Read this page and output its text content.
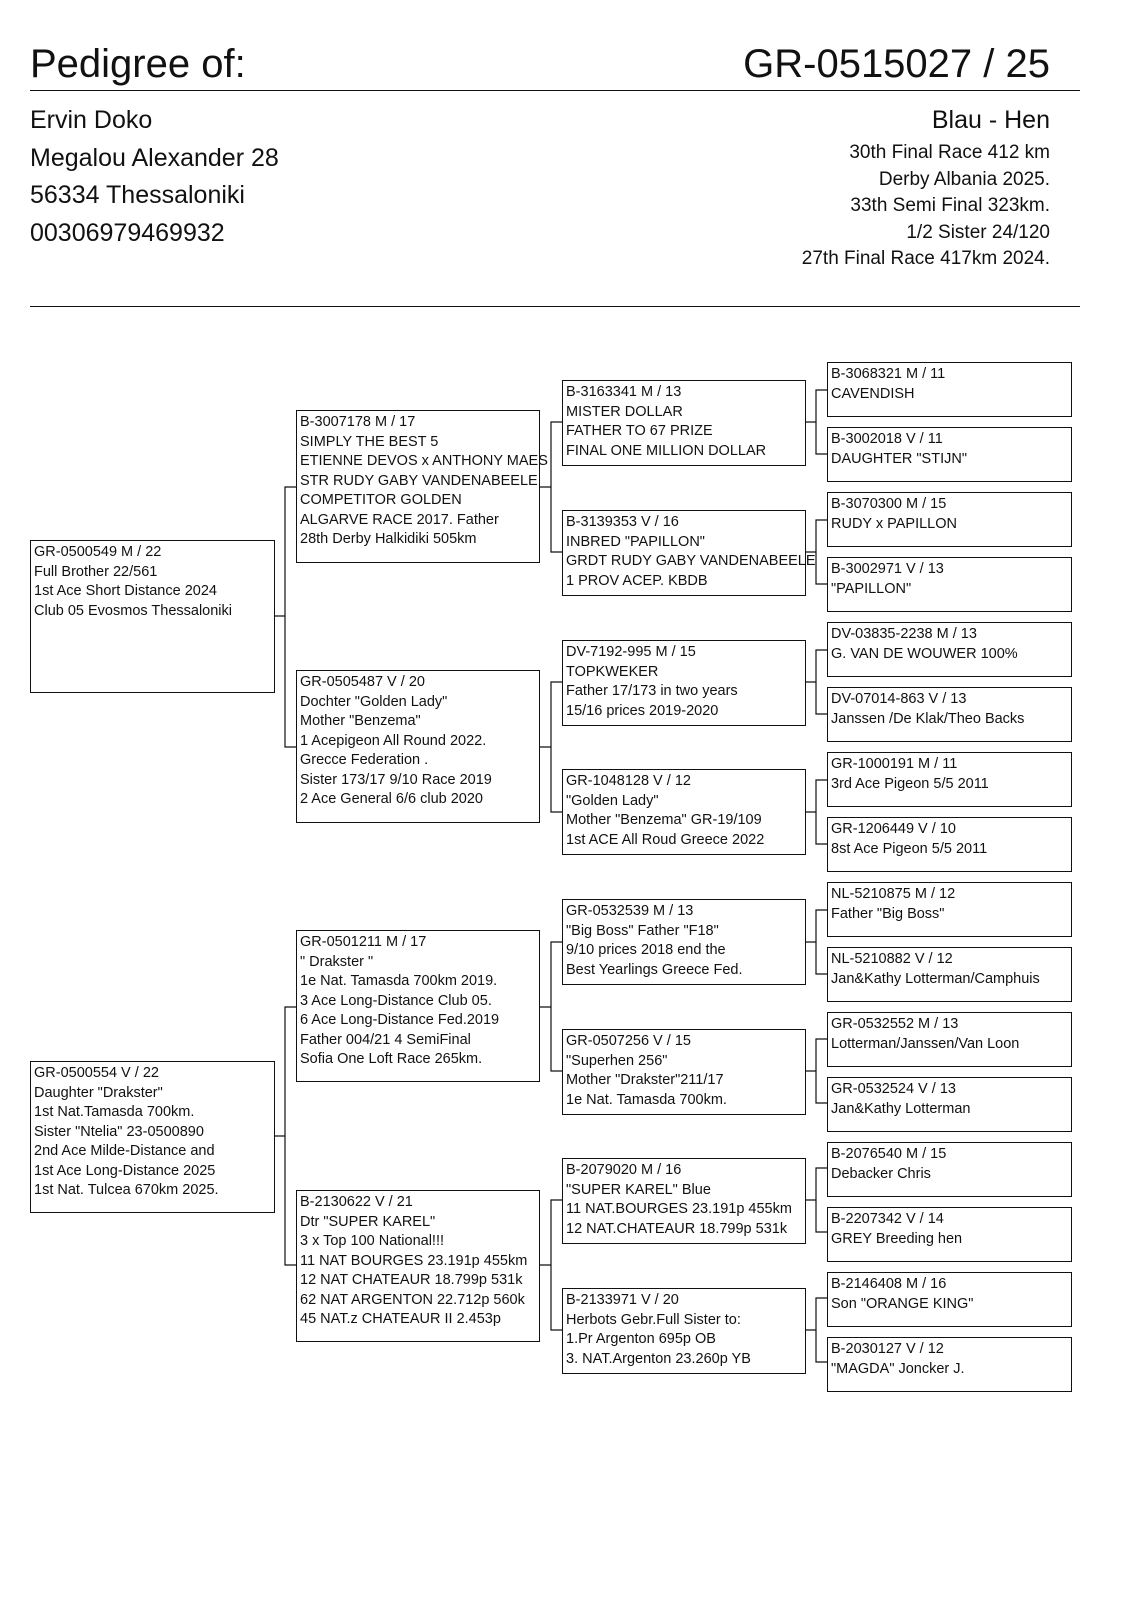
Pedigree of:	GR-0515027 / 25
Ervin Doko
Megalou Alexander 28
56334 Thessaloniki
00306979469932
Blau - Hen
30th Final Race 412 km
Derby Albania 2025.
33th Semi Final 323km.
1/2 Sister 24/120
27th Final Race 417km 2024.
GR-0500549 M / 22
Full Brother 22/561
1st Ace Short Distance 2024
Club 05 Evosmos Thessaloniki
GR-0500554 V / 22
Daughter "Drakster"
1st Nat.Tamasda 700km.
Sister "Ntelia" 23-0500890
2nd Ace Milde-Distance and
1st Ace Long-Distance 2025
1st Nat. Tulcea 670km 2025.
B-3007178 M / 17
SIMPLY THE BEST 5
ETIENNE DEVOS x ANTHONY MAES
STR RUDY GABY VANDENABEELE
COMPETITOR GOLDEN
ALGARVE RACE 2017. Father
28th Derby Halkidiki 505km
GR-0505487 V / 20
Dochter "Golden Lady"
Mother "Benzema"
1 Acepigeon All Round 2022.
Grecce Federation .
Sister 173/17 9/10 Race 2019
2 Ace General 6/6 club 2020
GR-0501211 M / 17
" Drakster "
1e Nat. Tamasda 700km 2019.
3 Ace Long-Distance Club 05.
6 Ace Long-Distance Fed.2019
Father 004/21 4 SemiFinal
Sofia One Loft Race 265km.
B-2130622 V / 21
Dtr "SUPER KAREL"
3 x Top 100 National!!!
11 NAT BOURGES 23.191p 455km
12 NAT CHATEAUR 18.799p 531k
62 NAT ARGENTON 22.712p 560k
45 NAT.z CHATEAUR II 2.453p
B-3163341 M / 13
MISTER DOLLAR
FATHER TO 67 PRIZE
FINAL ONE MILLION DOLLAR
B-3139353 V / 16
INBRED "PAPILLON"
GRDT RUDY GABY VANDENABEELE
1 PROV ACEP. KBDB
DV-7192-995 M / 15
TOPKWEKER
Father 17/173 in two years
15/16 prices 2019-2020
GR-1048128 V / 12
"Golden Lady"
Mother "Benzema" GR-19/109
1st ACE All Roud Greece 2022
GR-0532539 M / 13
"Big Boss" Father "F18"
9/10 prices 2018 end the
Best Yearlings Greece Fed.
GR-0507256 V / 15
"Superhen 256"
Mother "Drakster"211/17
1e Nat. Tamasda 700km.
B-2079020 M / 16
"SUPER KAREL" Blue
11 NAT.BOURGES 23.191p 455km
12 NAT.CHATEAUR 18.799p 531k
B-2133971 V / 20
Herbots Gebr.Full Sister to:
1.Pr Argenton 695p OB
3. NAT.Argenton 23.260p YB
B-3068321 M / 11
CAVENDISH
B-3002018 V / 11
DAUGHTER "STIJN"
B-3070300 M / 15
RUDY x PAPILLON
B-3002971 V / 13
"PAPILLON"
DV-03835-2238 M / 13
G. VAN DE WOUWER 100%
DV-07014-863 V / 13
Janssen /De Klak/Theo Backs
GR-1000191 M / 11
3rd Ace Pigeon 5/5 2011
GR-1206449 V / 10
8st Ace Pigeon 5/5 2011
NL-5210875 M / 12
Father "Big Boss"
NL-5210882 V / 12
Jan&Kathy Lotterman/Camphuis
GR-0532552 M / 13
Lotterman/Janssen/Van Loon
GR-0532524 V / 13
Jan&Kathy Lotterman
B-2076540 M / 15
Debacker Chris
B-2207342 V / 14
GREY Breeding hen
B-2146408 M / 16
Son "ORANGE KING"
B-2030127 V / 12
"MAGDA" Joncker J.
